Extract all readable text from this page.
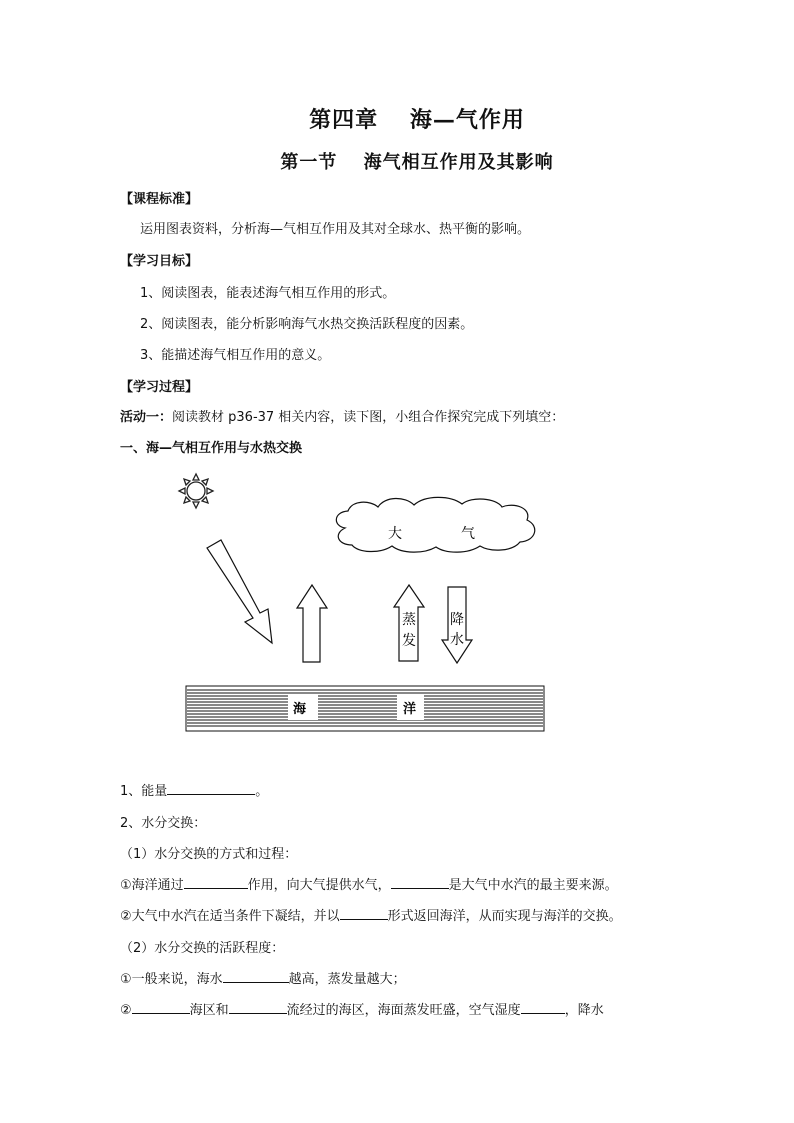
第四章　 海—气作用
第一节　 海气相互作用及其影响
【课程标准】
运用图表资料，分析海—气相互作用及其对全球水、热平衡的影响。
【学习目标】
1、阅读图表，能表述海气相互作用的形式。
2、阅读图表，能分析影响海气水热交换活跃程度的因素。
3、能描述海气相互作用的意义。
【学习过程】
活动一：阅读教材 p36-37 相关内容，读下图，小组合作探究完成下列填空：
一、海—气相互作用与水热交换
大	气
蒸
发
降
水
海	洋
1、能量	。
2、水分交换：
（1）水分交换的方式和过程：
①海洋通过	作用，向大气提供水气，	是大气中水汽的最主要来源。
②大气中水汽在适当条件下凝结，并以	形式返回海洋，从而实现与海洋的交换。
（2）水分交换的活跃程度：
①一般来说，海水	越高，蒸发量越大；
②	海区和	流经过的海区，海面蒸发旺盛，空气湿度	，降水
